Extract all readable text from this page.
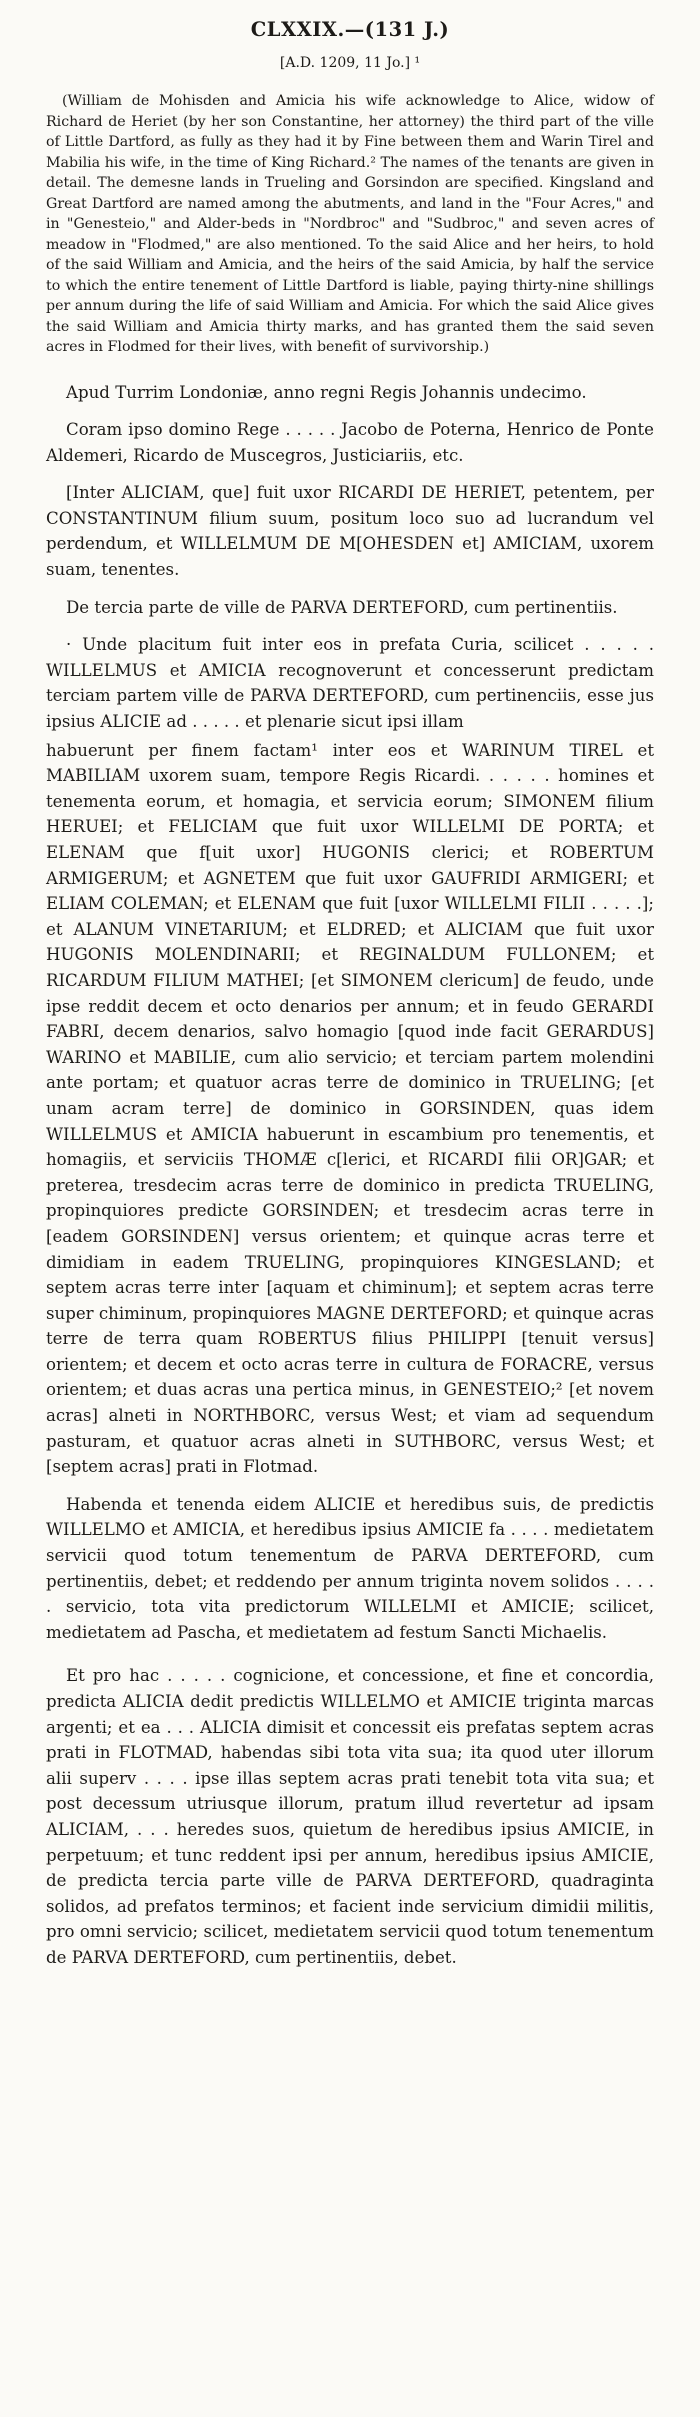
CLXXIX.—(131 J.)
[A.D. 1209, 11 Jo.] ¹
(William de Mohisden and Amicia his wife acknowledge to Alice, widow of Richard de Heriet (by her son Constantine, her attorney) the third part of the ville of Little Dartford, as fully as they had it by Fine between them and Warin Tirel and Mabilia his wife, in the time of King Richard.² The names of the tenants are given in detail. The demesne lands in Trueling and Gorsindon are specified. Kingsland and Great Dartford are named among the abutments, and land in the "Four Acres," and in "Genesteio," and Alder-beds in "Nordbroc" and "Sudbroc," and seven acres of meadow in "Flodmed," are also mentioned. To the said Alice and her heirs, to hold of the said William and Amicia, and the heirs of the said Amicia, by half the service to which the entire tenement of Little Dartford is liable, paying thirty-nine shillings per annum during the life of said William and Amicia. For which the said Alice gives the said William and Amicia thirty marks, and has granted them the said seven acres in Flodmed for their lives, with benefit of survivorship.)
Apud Turrim Londoniæ, anno regni Regis Johannis undecimo.
Coram ipso domino Rege . . . . . Jacobo de Poterna, Henrico de Ponte Aldemeri, Ricardo de Muscegros, Justiciariis, etc.
[Inter ALICIAM, que] fuit uxor RICARDI DE HERIET, petentem, per CONSTANTINUM filium suum, positum loco suo ad lucrandum vel perdendum, et WILLELMUM DE M[OHESDEN et] AMICIAM, uxorem suam, tenentes.
De tercia parte de ville de PARVA DERTEFORD, cum pertinentiis.
· Unde placitum fuit inter eos in prefata Curia, scilicet . . . . . WILLELMUS et AMICIA recognoverunt et concesserunt predictam terciam partem ville de PARVA DERTEFORD, cum pertinenciis, esse jus ipsius ALICIE ad . . . . . et plenarie sicut ipsi illam
habuerunt per finem factam¹ inter eos et WARINUM TIREL et MABILIAM uxorem suam, tempore Regis Ricardi. . . . . . homines et tenementa eorum, et homagia, et servicia eorum; SIMONEM filium HERUEI; et FELICIAM que fuit uxor WILLELMI DE PORTA; et ELENAM que f[uit uxor] HUGONIS clerici; et ROBERTUM ARMIGERUM; et AGNETEM que fuit uxor GAUFRIDI ARMIGERI; et ELIAM COLEMAN; et ELENAM que fuit [uxor WILLELMI FILII . . . . .]; et ALANUM VINETARIUM; et ELDRED; et ALICIAM que fuit uxor HUGONIS MOLENDINARII; et REGINALDUM FULLONEM; et RICARDUM FILIUM MATHEI; [et SIMONEM clericum] de feudo, unde ipse reddit decem et octo denarios per annum; et in feudo GERARDI FABRI, decem denarios, salvo homagio [quod inde facit GERARDUS] WARINO et MABILIE, cum alio servicio; et terciam partem molendini ante portam; et quatuor acras terre de dominico in TRUELING; [et unam acram terre] de dominico in GORSINDEN, quas idem WILLELMUS et AMICIA habuerunt in escambium pro tenementis, et homagiis, et serviciis THOMÆ c[lerici, et RICARDI filii OR]GAR; et preterea, tresdecim acras terre de dominico in predicta TRUELING, propinquiores predicte GORSINDEN; et tresdecim acras terre in [eadem GORSINDEN] versus orientem; et quinque acras terre et dimidiam in eadem TRUELING, propinquiores KINGESLAND; et septem acras terre inter [aquam et chiminum]; et septem acras terre super chiminum, propinquiores MAGNE DERTEFORD; et quinque acras terre de terra quam ROBERTUS filius PHILIPPI [tenuit versus] orientem; et decem et octo acras terre in cultura de FORACRE, versus orientem; et duas acras una pertica minus, in GENESTEIO;² [et novem acras] alneti in NORTHBORC, versus West; et viam ad sequendum pasturam, et quatuor acras alneti in SUTHBORC, versus West; et [septem acras] prati in Flotmad.
Habenda et tenenda eidem ALICIE et heredibus suis, de predictis WILLELMO et AMICIA, et heredibus ipsius AMICIE fa . . . . medietatem servicii quod totum tenementum de PARVA DERTEFORD, cum pertinentiis, debet; et reddendo per annum triginta novem solidos . . . . . servicio, tota vita predictorum WILLELMI et AMICIE; scilicet, medietatem ad Pascha, et medietatem ad festum Sancti Michaelis.
Et pro hac . . . . . cognicione, et concessione, et fine et concordia, predicta ALICIA dedit predictis WILLELMO et AMICIE triginta marcas argenti; et ea . . . ALICIA dimisit et concessit eis prefatas septem acras prati in FLOTMAD, habendas sibi tota vita sua; ita quod uter illorum alii superv . . . . ipse illas septem acras prati tenebit tota vita sua; et post decessum utriusque illorum, pratum illud revertetur ad ipsam ALICIAM, . . . heredes suos, quietum de heredibus ipsius AMICIE, in perpetuum; et tunc reddent ipsi per annum, heredibus ipsius AMICIE, de predicta tercia parte ville de PARVA DERTEFORD, quadraginta solidos, ad prefatos terminos; et facient inde servicium dimidii militis, pro omni servicio; scilicet, medietatem servicii quod totum tenementum de PARVA DERTEFORD, cum pertinentiis, debet.
